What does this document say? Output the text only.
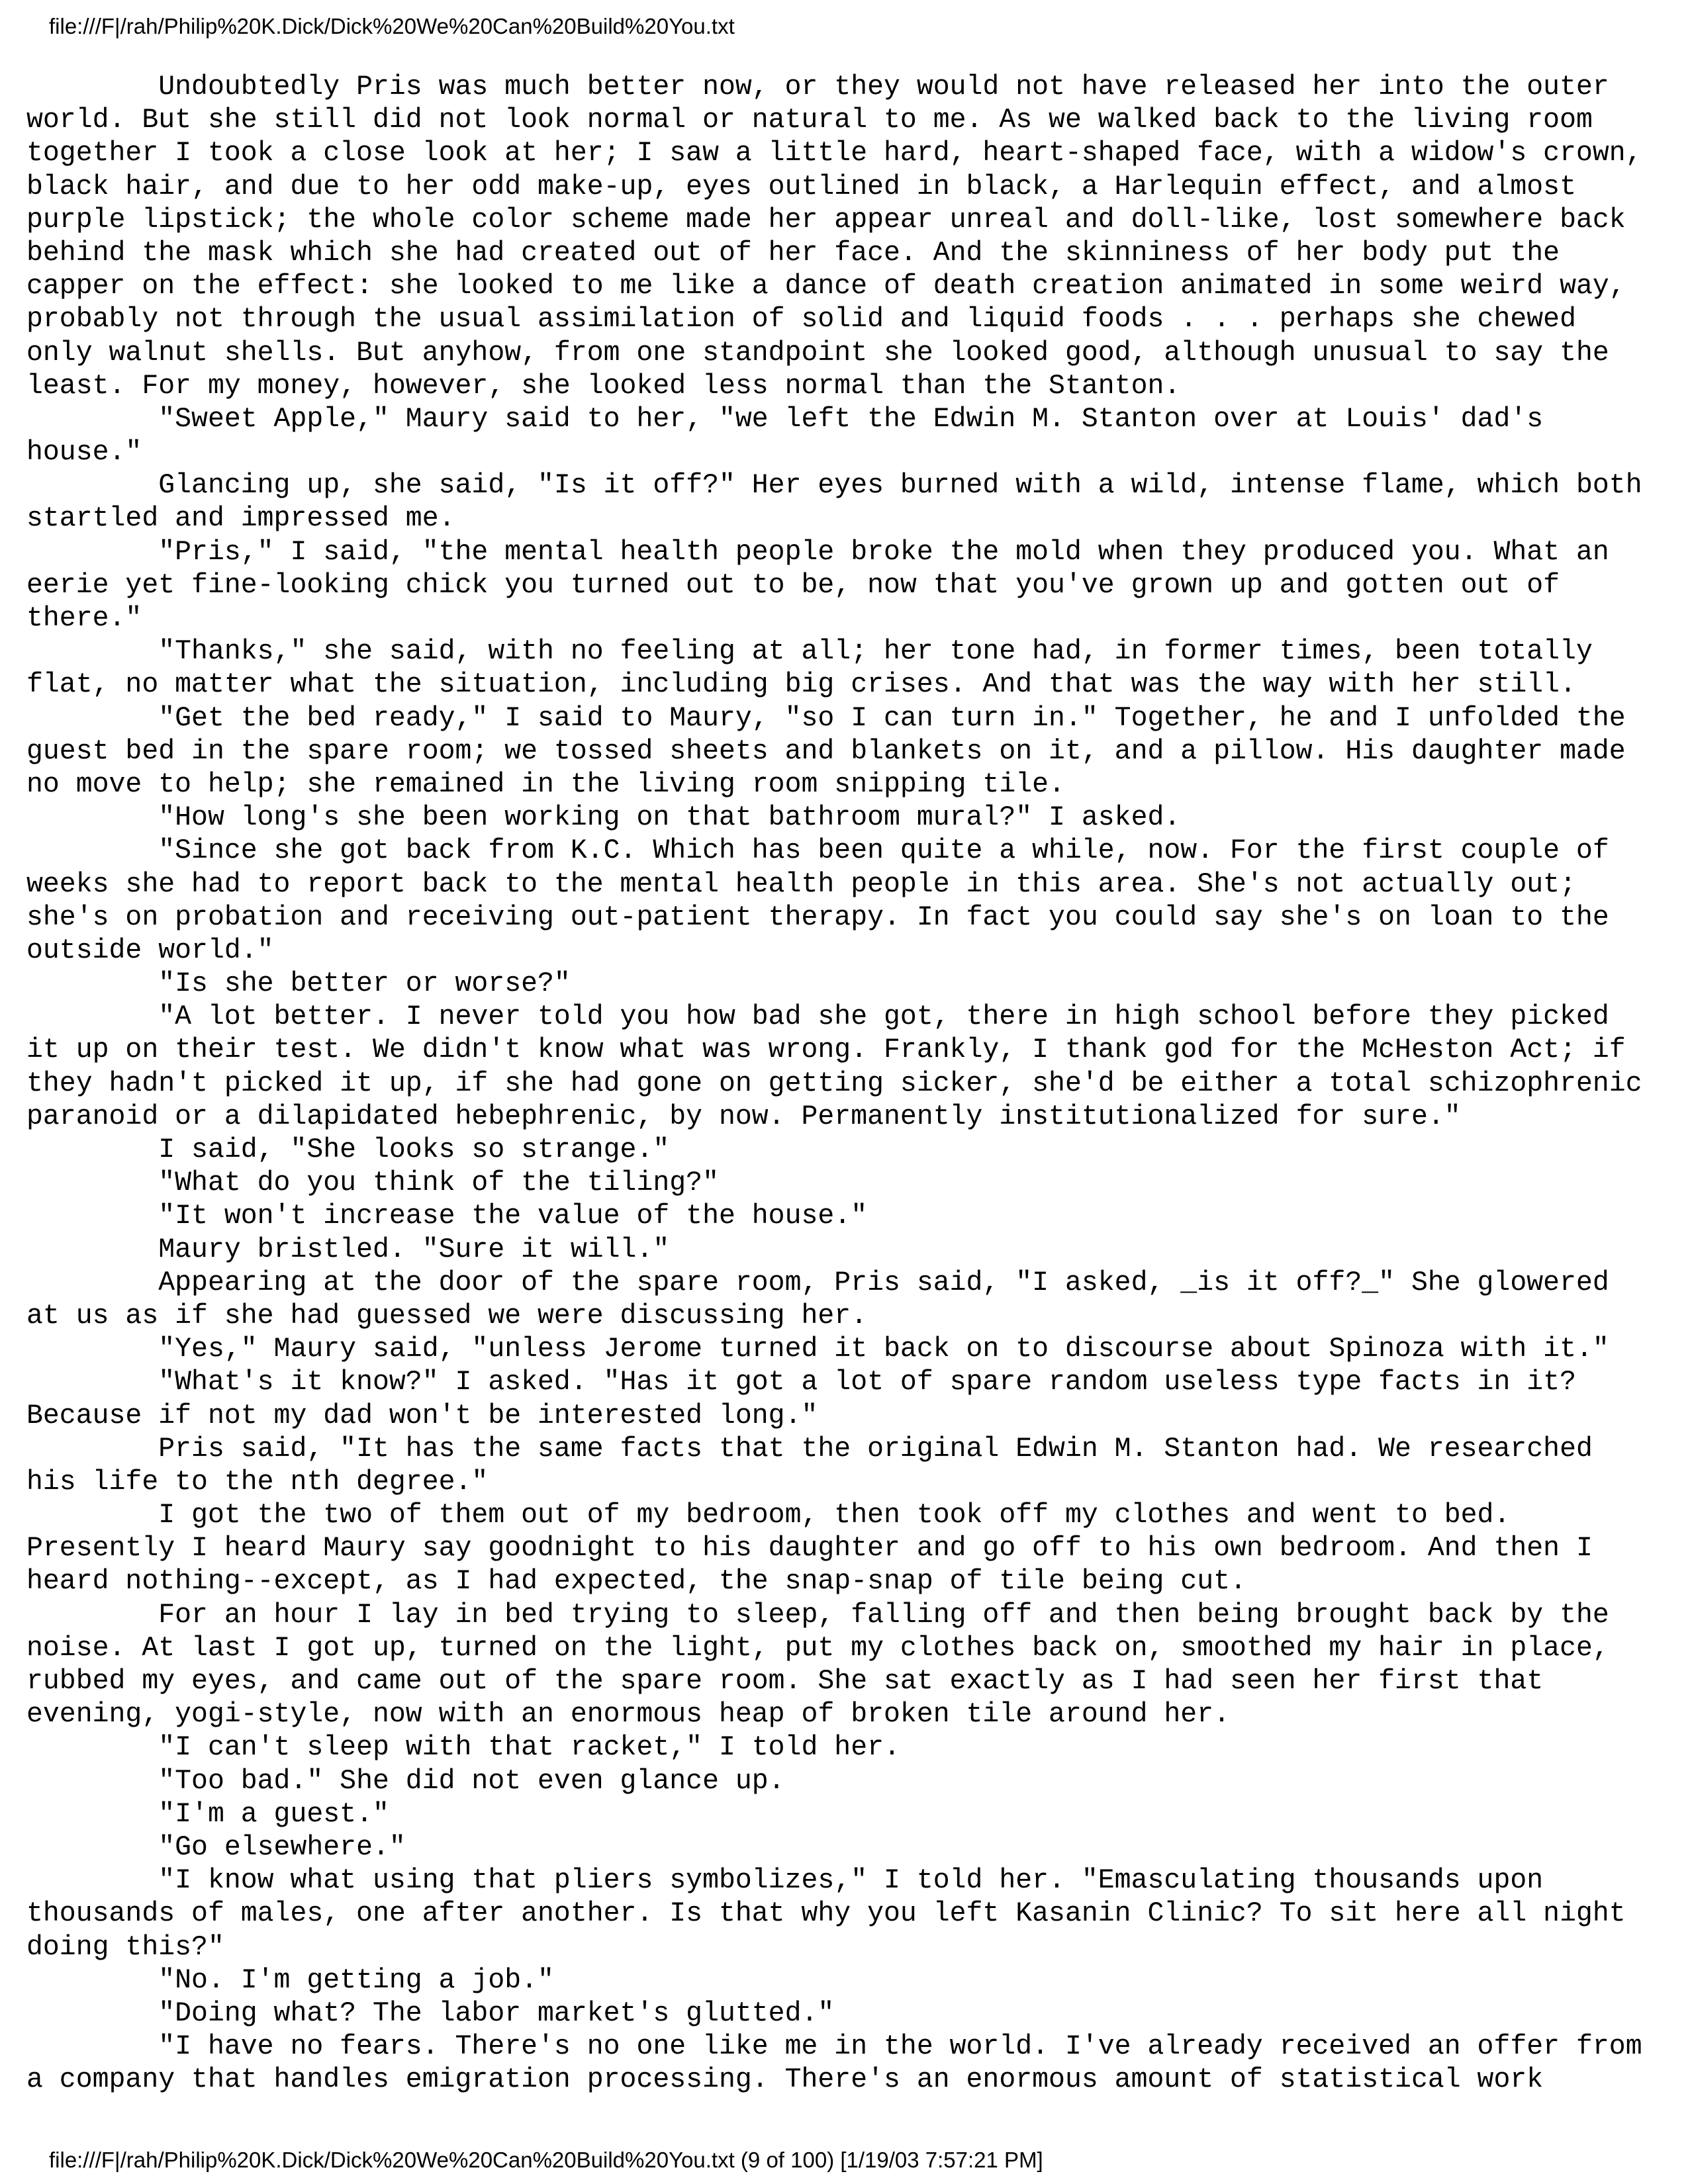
file:///F|/rah/Philip%20K.Dick/Dick%20We%20Can%20Build%20You.txt
Undoubtedly Pris was much better now, or they would not have released her into the outer
world. But she still did not look normal or natural to me. As we walked back to the living room
together I took a close look at her; I saw a little hard, heart-shaped face, with a widow's crown,
black hair, and due to her odd make-up, eyes outlined in black, a Harlequin effect, and almost
purple lipstick; the whole color scheme made her appear unreal and doll-like, lost somewhere back
behind the mask which she had created out of her face. And the skinniness of her body put the
capper on the effect: she looked to me like a dance of death creation animated in some weird way,
probably not through the usual assimilation of solid and liquid foods . . . perhaps she chewed
only walnut shells. But anyhow, from one standpoint she looked good, although unusual to say the
least. For my money, however, she looked less normal than the Stanton.
"Sweet Apple," Maury said to her, "we left the Edwin M. Stanton over at Louis' dad's
house."
Glancing up, she said, "Is it off?" Her eyes burned with a wild, intense flame, which both
startled and impressed me.
"Pris," I said, "the mental health people broke the mold when they produced you. What an
eerie yet fine-looking chick you turned out to be, now that you've grown up and gotten out of
there."
"Thanks," she said, with no feeling at all; her tone had, in former times, been totally
flat, no matter what the situation, including big crises. And that was the way with her still.
"Get the bed ready," I said to Maury, "so I can turn in." Together, he and I unfolded the
guest bed in the spare room; we tossed sheets and blankets on it, and a pillow. His daughter made
no move to help; she remained in the living room snipping tile.
"How long's she been working on that bathroom mural?" I asked.
"Since she got back from K.C. Which has been quite a while, now. For the first couple of
weeks she had to report back to the mental health people in this area. She's not actually out;
she's on probation and receiving out-patient therapy. In fact you could say she's on loan to the
outside world."
"Is she better or worse?"
"A lot better. I never told you how bad she got, there in high school before they picked
it up on their test. We didn't know what was wrong. Frankly, I thank god for the McHeston Act; if
they hadn't picked it up, if she had gone on getting sicker, she'd be either a total schizophrenic
paranoid or a dilapidated hebephrenic, by now. Permanently institutionalized for sure."
I said, "She looks so strange."
"What do you think of the tiling?"
"It won't increase the value of the house."
Maury bristled. "Sure it will."
Appearing at the door of the spare room, Pris said, "I asked, _is it off?_" She glowered
at us as if she had guessed we were discussing her.
"Yes," Maury said, "unless Jerome turned it back on to discourse about Spinoza with it."
"What's it know?" I asked. "Has it got a lot of spare random useless type facts in it?
Because if not my dad won't be interested long."
Pris said, "It has the same facts that the original Edwin M. Stanton had. We researched
his life to the nth degree."
I got the two of them out of my bedroom, then took off my clothes and went to bed.
Presently I heard Maury say goodnight to his daughter and go off to his own bedroom. And then I
heard nothing--except, as I had expected, the snap-snap of tile being cut.
For an hour I lay in bed trying to sleep, falling off and then being brought back by the
noise. At last I got up, turned on the light, put my clothes back on, smoothed my hair in place,
rubbed my eyes, and came out of the spare room. She sat exactly as I had seen her first that
evening, yogi-style, now with an enormous heap of broken tile around her.
"I can't sleep with that racket," I told her.
"Too bad." She did not even glance up.
"I'm a guest."
"Go elsewhere."
"I know what using that pliers symbolizes," I told her. "Emasculating thousands upon
thousands of males, one after another. Is that why you left Kasanin Clinic? To sit here all night
doing this?"
"No. I'm getting a job."
"Doing what? The labor market's glutted."
"I have no fears. There's no one like me in the world. I've already received an offer from
a company that handles emigration processing. There's an enormous amount of statistical work
file:///F|/rah/Philip%20K.Dick/Dick%20We%20Can%20Build%20You.txt (9 of 100) [1/19/03 7:57:21 PM]
